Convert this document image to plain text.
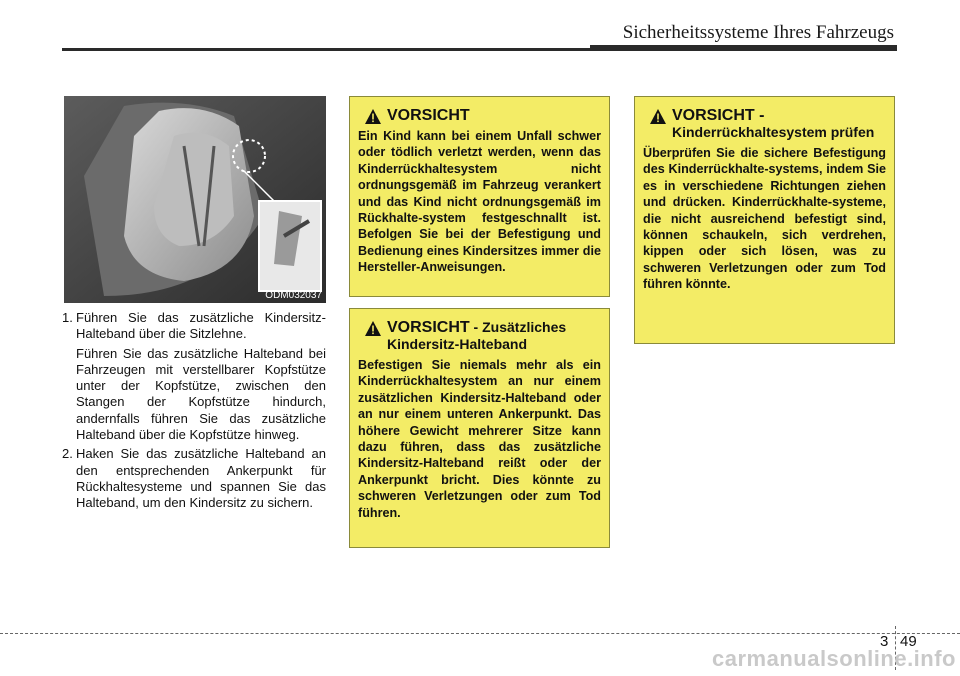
Sicherheitssysteme Ihres Fahrzeugs
ODM032037
1. Führen Sie das zusätzliche Kindersitz-Halteband über die Sitzlehne.
Führen Sie das zusätzliche Halteband bei Fahrzeugen mit verstellbarer Kopfstütze unter der Kopfstütze, zwischen den Stangen der Kopfstütze hindurch, andernfalls führen Sie das zusätzliche Halteband über die Kopfstütze hinweg.
2. Haken Sie das zusätzliche Halteband an den entsprechenden Ankerpunkt für Rückhaltesysteme und spannen Sie das Halteband, um den Kindersitz zu sichern.
VORSICHT
Ein Kind kann bei einem Unfall schwer oder tödlich verletzt werden, wenn das Kinderrückhaltesystem nicht ordnungsgemäß im Fahrzeug verankert und das Kind nicht ordnungsgemäß im Rückhalte-system festgeschnallt ist. Befolgen Sie bei der Befestigung und Bedienung eines Kindersitzes immer die Hersteller-Anweisungen.
VORSICHT - Zusätzliches Kindersitz-Halteband
Befestigen Sie niemals mehr als ein Kinderrückhaltesystem an nur einem zusätzlichen Kindersitz-Halteband oder an nur einem unteren Ankerpunkt. Das höhere Gewicht mehrerer Sitze kann dazu führen, dass das zusätzliche Kindersitz-Halteband reißt oder der Ankerpunkt bricht. Dies könnte zu schweren Verletzungen oder zum Tod führen.
VORSICHT -
Kinderrückhaltesystem prüfen
Überprüfen Sie die sichere Befestigung des Kinderrückhalte-systems, indem Sie es in verschiedene Richtungen ziehen und drücken. Kinderrückhalte-systeme, die nicht ausreichend befestigt sind, können schaukeln, sich verdrehen, kippen oder sich lösen, was zu schweren Verletzungen oder zum Tod führen könnte.
3 49
carmanualsonline.info
